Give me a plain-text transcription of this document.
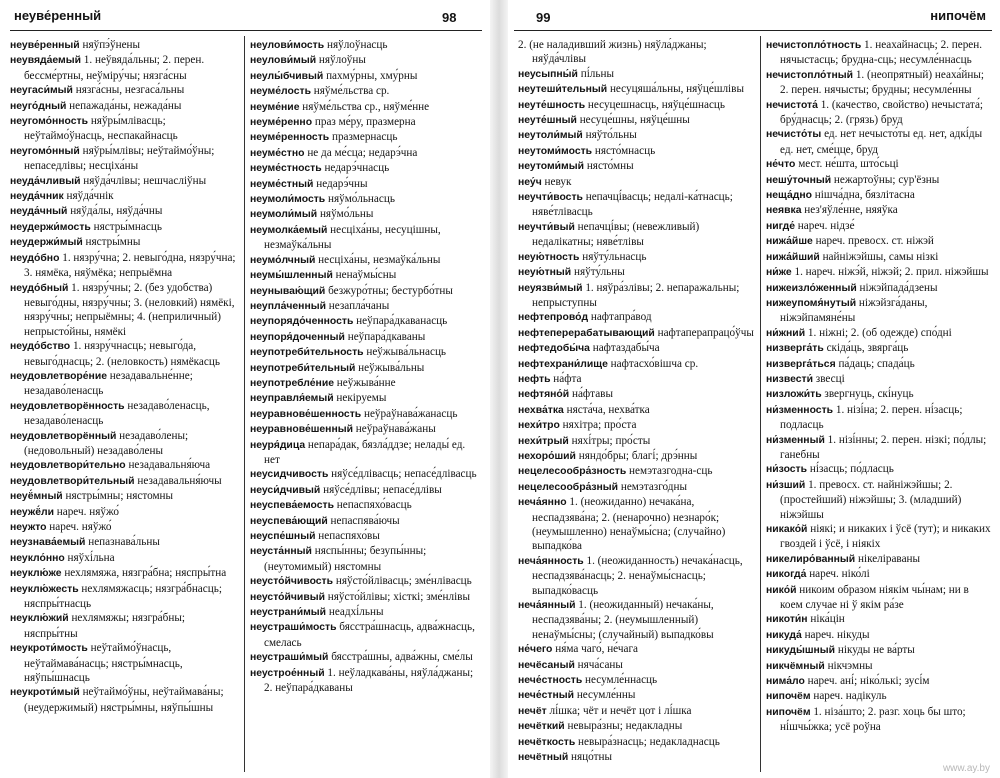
неуве́ренный	98

неуве́ренный няўпэ́ўнены

неувяда́емый 1. неўвяда́льны; 2. перен. бессме́ртны, неўміру́чы; нязга́сны

неугаси́мый нязга́сны, незгаса́льны

неуго́дный непажада́ны, нежада́ны

неугомо́нность няўры́млівасць; неўтаймо́ўнасць, неспакайнасць

неугомо́нный няўры́млівы; неўтаймо́ўны; непаседлівы; несціха́ны

неуда́чливый няўда́члівы; нешчасліўны

неуда́чник няўда́чнік

неуда́чный няўда́лы, няўда́чны

неудержи́мость нястры́мнасць

неудержи́мый нястры́мны

неудо́бно 1. нязру́чна; 2. невыго́дна, нязру́чна; 3. нямёка, няўмёка; непрыёмна

неудо́бный 1. нязру́чны; 2. (без удобства) невыго́дны, нязру́чны; 3. (неловкий) нямёкі, нязру́чны; непрыёмны; 4. (неприличный) непрысто́йны, нямёкі

неудо́бство 1. нязру́чнасць; невыго́да, невыго́днасць; 2. (неловкость) нямёкасць

неудовлетворе́ние незадавальне́нне; незадаво́ленасць

неудовлетворённость незадаво́ленасць, незадаво́ленасць

неудовлетворённый незадаво́лены; (недовольный) незадаво́лены

неудовлетвори́тельно незадавальня́юча

неудовлетвори́тельный незадавальня́ючы

неуё́мный нястры́мны; нястомны

неужё́ли нареч. няўжо́

неужто нареч. няўжо́

неузнава́емый непазнава́льны

неукло́нно няўхі́льна

неуклю́же нехлямяжа, нязгра́бна; няспры́тна

неуклю́жесть нехлямяжасць; нязгра́бнасць; няспры́тнасць

неуклю́жий нехлямяжы; нязгра́бны; няспры́тны

неукроти́мость неўтаймо́ўнасць, неўтаймава́насць; нястры́мнасць, няўпы́шнасць

неукроти́мый неўтаймо́ўны, неўтаймава́ны; (неудержимый) нястры́мны, няўпы́шны

неулови́мость няўлоўнасць

неулови́мый няўлоўны

неулы́бчивый пахму́рны, хму́рны

неуме́лость няўме́льства ср.

неуме́ние няўме́льства ср., няўме́нне

неуме́ренно праз ме́ру, празмерна

неуме́ренность празмернасць

неуме́стно не да ме́сца; недарэ́чна

неуме́стность недарэ́чнасць

неуме́стный недарэ́чны

неумоли́мость няўмо́льнасць

неумоли́мый няўмо́льны

неумолка́емый несціха́ны, несуцішны, незмаўка́льны

неумо́лчный несціха́ны, незмаўка́льны

неумы́шленный ненаўмы́сны

неунываю́щий безжуро́тны; бестурбо́тны

неупла́ченный незапла́чаны

неупорядо́ченность неўпара́дкаванасць

неупоря́доченный неўпара́дкаваны

неупотреби́тельность неўжыва́льнасць

неупотреби́тельный неўжыва́льны

неупотребле́ние неўжыва́нне

неуправля́емый некіруемы

неуравнове́шенность неўраўнава́жанасць

неуравнове́шенный неўраўнава́жаны

неуря́дица непара́дак, бязла́ддзе; нелады́ ед. нет

неусидчивость няўсе́длівасць; непасе́длівасць

неуси́дчивый няўсе́длівы; непасе́длівы

неуспева́емость непаспяхо́васць

неуспева́ющий непаспява́ючы

неуспе́шный непаспяхо́вы

неуста́нный няспы́нны; безупы́нны; (неутомимый) нястомны

неусто́йчивость няўсто́йлівасць; зме́нлівасць

неусто́йчивый няўсто́йлівы; хісткі; зме́нлівы

неустрани́мый неадхі́льны

неустраши́мость бясстра́шнасць, адва́жнасць, смелась

неустраши́мый бясстра́шны, адва́жны, сме́лы

неустрое́нный 1. неўладкава́ны, няўла́джаны; 2. неўпара́дкаваны

99	нипочём

2. (не наладивший жизнь) няўла́джаны; няўда́члівы

неусыпны́й пі́льны

неутеши́тельный несуцяша́льны, няўце́шлівы

неуте́шность несуцешнасць, няўце́шнасць

неуте́шный несуце́шны, няўце́шны

неутоли́мый няўто́льны

неутоми́мость нясто́мнасць

неутоми́мый нясто́мны

неу́ч невук

неучти́вость непачці́васць; недалі-ка́тнасць; няве́тлівасць

неучти́вый непачці́вы; (невежливый) недалікатны; няве́тлівы

неую́тность няўту́льнасць

неую́тный няўту́льны

неуязви́мый 1. няўра́злівы; 2. непаражальны; непрыступны

нефтепрово́д нафтапра́вод

нефтеперерабатывающий нафтаперапрацо́ўчы

нефтедобы́ча нафтаздабы́ча

нефтехрани́лище нафтасхо́вішча ср.

нефть на́фта

нефтяно́й на́фтавы

нехва́тка няста́ча, нехва́тка

нехи́тро няхітра; про́ста

нехи́трый няхі́тры; про́сты

нехоро́ший няндо́бры; благі́; дрэ́нны

нецелесообра́зность немэтазгодна-сць

нецелесообра́зный немэтазго́дны

неча́янно 1. (неожиданно) нечака́на, неспадзява́на; 2. (ненарочно) незнаро́к; (неумышленно) ненаўмы́сна; (случайно) выпадко́ва

неча́янность 1. (неожиданность) нечака́насць, неспадзява́насць; 2. ненаўмы́снасць; выпадко́васць

неча́янный 1. (неожиданный) нечака́ны, неспадзява́ны; 2. (неумышленный) ненаўмы́сны; (случайный) выпадко́вы

не́чего ня́ма чаго́, не́чага

нечёсаный няча́саны

нече́стность несумле́ннасць

нече́стный несумле́нны

нечёт лі́шка; чёт и нечёт цот і лі́шка

нечёткий невыра́зны; недакладны

нечёткость невыра́знасць; недакладнасць

нечётный няцо́тны

нечистопло́тность 1. неахайнасць; 2. перен. нячыстасць; брудна-сць; несумле́ннасць

нечистопло́тный 1. (неопрятный) неаха́йны; 2. перен. нячысты; брудны; несумле́нны

нечистота́ 1. (качество, свойство) нечыстата́; бру́днасць; 2. (грязь) бруд

нечисто́ты ед. нет нечысто́ты ед. нет, адкі́ды ед. нет, сме́цце, бруд

не́что мест. не́шта, што́сьці

нешу́точный нежартоўны; сур'ёзны

неща́дно нішча́дна, бязлітасна

неявка нез'яўле́нне, няяўка

нигде́ нареч. нідзе́

нижа́йше нареч. превосх. ст. ніжэй

нижа́йший найніжэйшы, самы нізкі

ни́же 1. нареч. ніжэ́й, ніжэй; 2. прил. ніжэйшы

нижеизло́женный ніжэйпада́дзены

нижеупомя́нутый ніжэйзга́даны, ніжэйпамяне́ны

ни́жний 1. ніжні; 2. (об одежде) спо́дні

низверга́ть скіда́ць, звярга́ць

низверга́ться па́даць; спада́ць

низвести́ звесці

низложи́ть звергнуць, скі́нуць

ни́зменность 1. нізі́на; 2. перен. ні́засць; подласць

ни́зменный 1. нізі́нны; 2. перен. нізкі; по́длы; ганебны

ни́зость ні́засць; по́дласць

ни́зший 1. превосх. ст. найніжэйшы; 2. (простейший) ніжэйшы; 3. (младший) ніжэйшы

никако́й ніякі; и никаких і ўсё (тут); и никаких гвоздей і ўсё, і ніякіх

никелиро́ванный нікеліраваны

никогда́ нареч. ніко́лі

нико́й никоим образом ніякім чы́нам; ни в коем случае ні ў якім ра́зе

никоти́н ніка́цін

никуда́ нареч. нікуды

никуды́шный нікуды не ва́рты

никчёмный нікчэмны

нима́ло нареч. ані́; ніко́лькі; зусі́м

нипочём нареч. надікуль

нипочём 1. ніза́што; 2. разг. хоць бы што; ні́шчы́жка; усё роўна

www.ay.by
